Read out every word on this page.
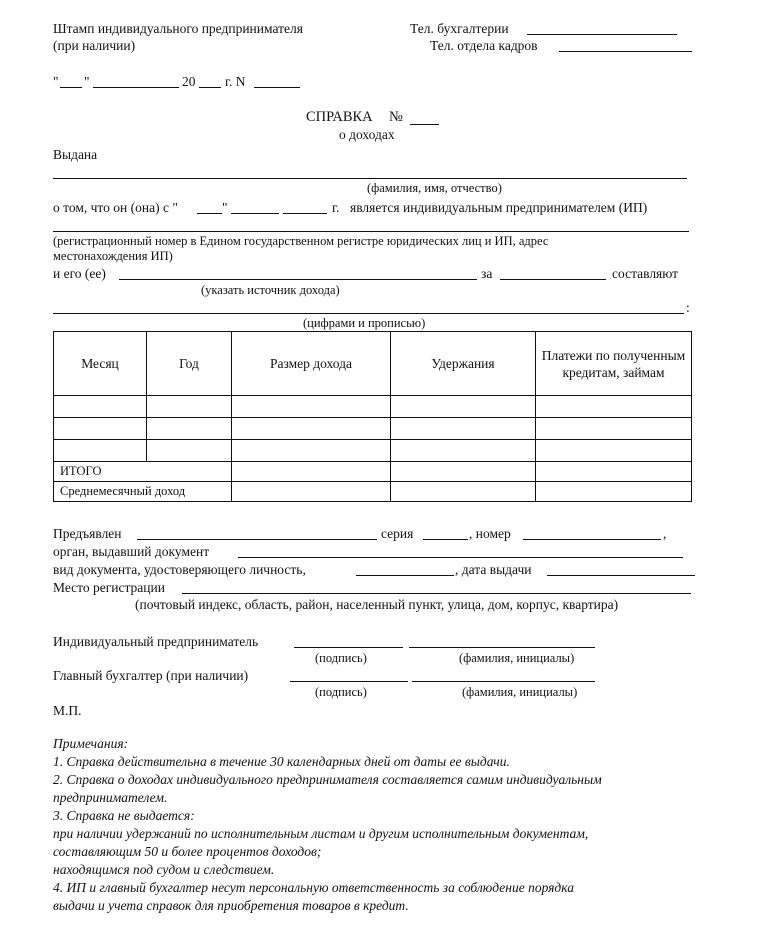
Штамп индивидуального предпринимателя
(при наличии)
Тел. бухгалтерии
Тел. отдела кадров
" "	20 г. N
СПРАВКА №
о доходах
Выдана
(фамилия, имя, отчество)
о том, что он (она) с "	"	г. является индивидуальным предпринимателем (ИП)
(регистрационный номер в Едином государственном регистре юридических лиц и ИП, адрес
местонахождения ИП)
и его (ее)	за	составляют
(указать источник дохода)
:
(цифрами и прописью)
Месяц	Год	Размер дохода	Удержания	Платежи по полученным кредитам, займам

ИТОГО				
Среднемесячный доход				
Предъявлен	серия	, номер	,
орган, выдавший документ
вид документа, удостоверяющего личность,	, дата выдачи
Место регистрации
(почтовый индекс, область, район, населенный пункт, улица, дом, корпус, квартира)
Индивидуальный предприниматель
(подпись)	(фамилия, инициалы)
Главный бухгалтер (при наличии)
(подпись)	(фамилия, инициалы)
М.П.
Примечания:
1. Справка действительна в течение 30 календарных дней от даты ее выдачи.
2. Справка о доходах индивидуального предпринимателя составляется самим индивидуальным
предпринимателем.
3. Справка не выдается:
при наличии удержаний по исполнительным листам и другим исполнительным документам,
составляющим 50 и более процентов доходов;
находящимся под судом и следствием.
4. ИП и главный бухгалтер несут персональную ответственность за соблюдение порядка
выдачи и учета справок для приобретения товаров в кредит.
